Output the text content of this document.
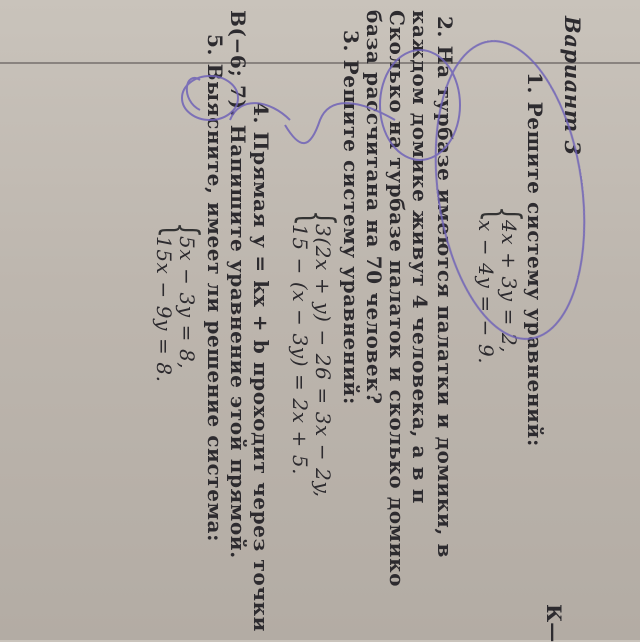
Вариант 3
1. Решите систему уравнений:
{
4x + 3y = 2,
x − 4y = − 9.
2. На турбазе имеются палатки и домики, в
каждом домике живут 4 человека, а в п
Сколько на турбазе палаток и сколько домико
база рассчитана на 70 человек?
3. Решите систему уравнений:
{
3(2x + y) − 26 = 3x − 2y,
15 − (x − 3y) = 2x + 5.
4. Прямая y = kx + b проходит через точки
B(−6; 7). Напишите уравнение этой прямой.
5. Выясните, имеет ли решение система:
{
5x − 3y = 8,
15x − 9y = 8.
К—
